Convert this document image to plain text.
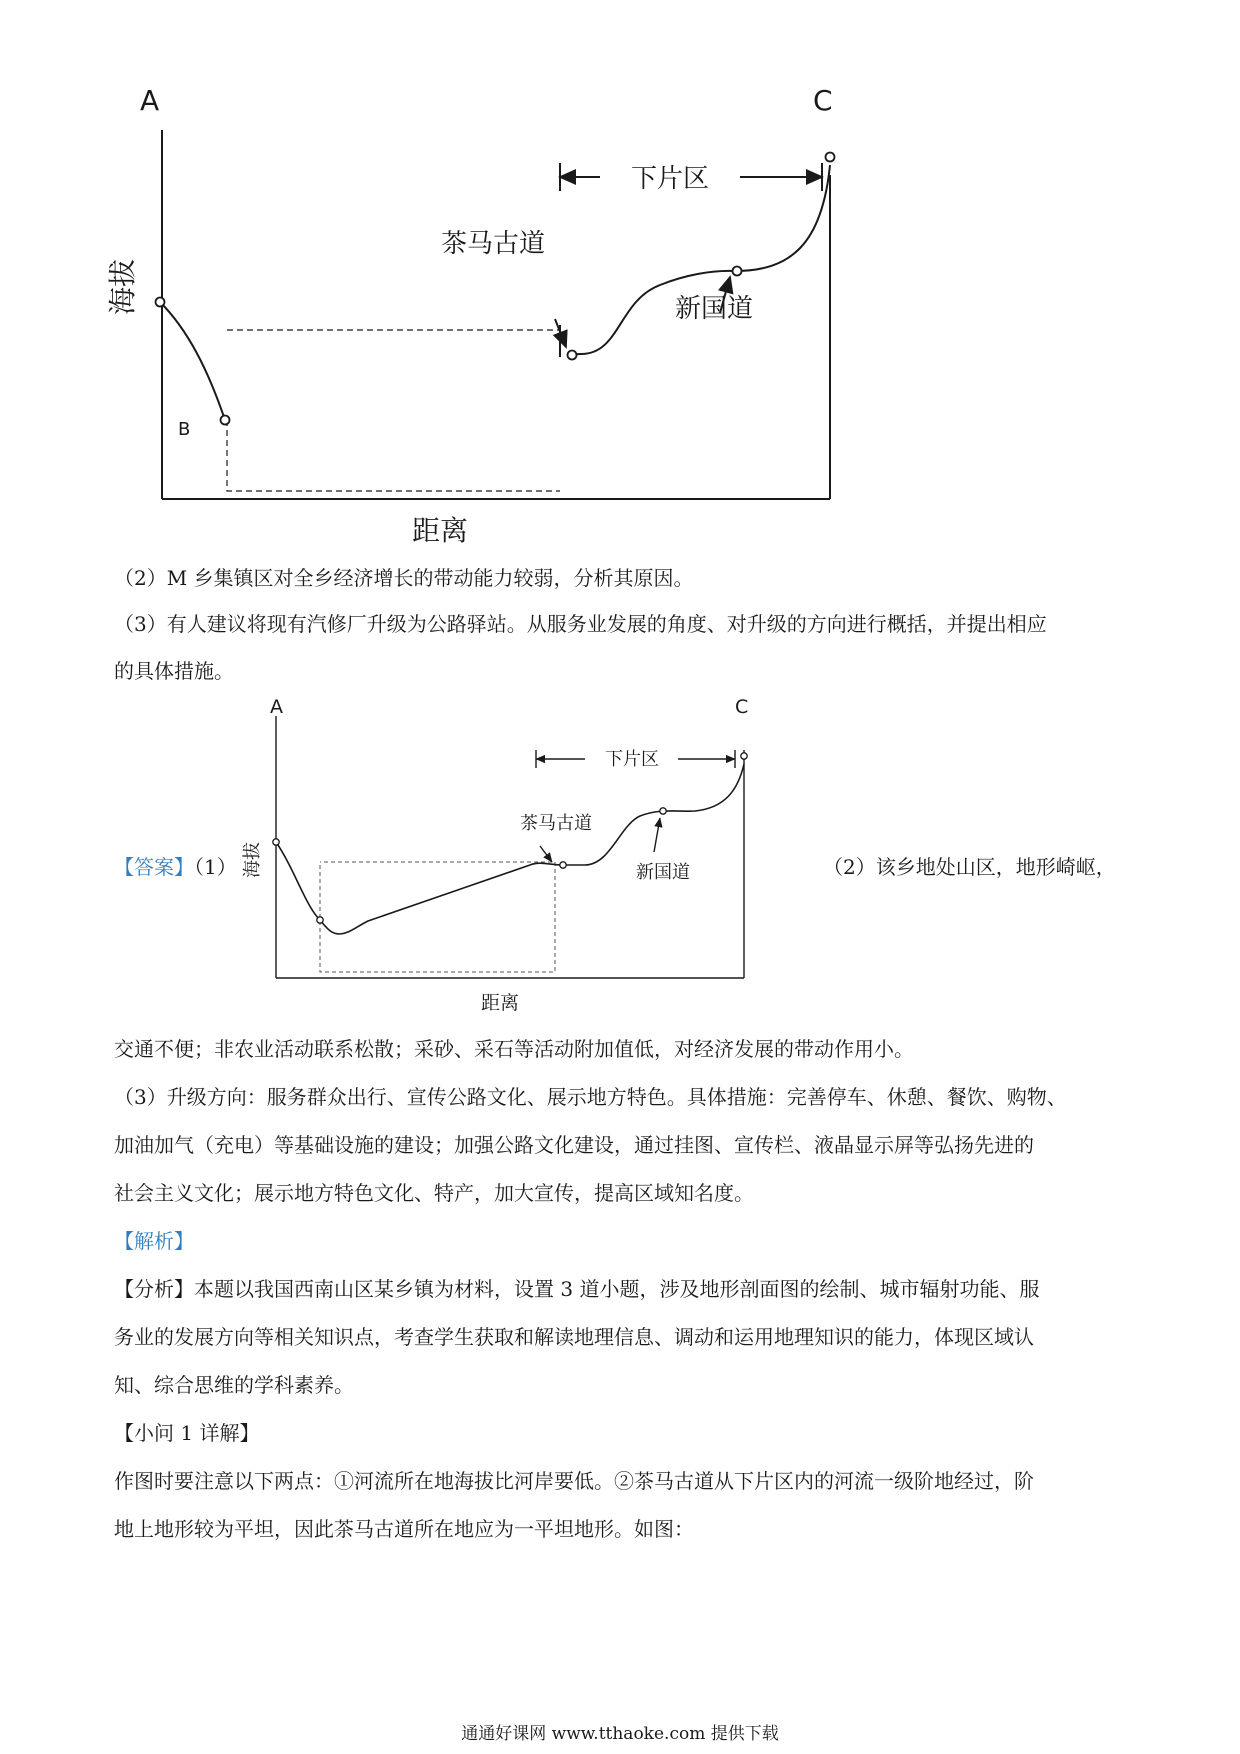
A	C
B
海拔
距离
下片区
茶马古道
新国道
（2）M 乡集镇区对全乡经济增长的带动能力较弱，分析其原因。
（3）有人建议将现有汽修厂升级为公路驿站。从服务业发展的角度、对升级的方向进行概括，并提出相应
的具体措施。
【答案】（1）
A	C
海拔
距离
下片区
茶马古道
新国道	（2）该乡地处山区，地形崎岖，
交通不便；非农业活动联系松散；采砂、采石等活动附加值低，对经济发展的带动作用小。
（3）升级方向：服务群众出行、宣传公路文化、展示地方特色。具体措施：完善停车、休憩、餐饮、购物、
加油加气（充电）等基础设施的建设；加强公路文化建设，通过挂图、宣传栏、液晶显示屏等弘扬先进的
社会主义文化；展示地方特色文化、特产，加大宣传，提高区域知名度。
【解析】
【分析】本题以我国西南山区某乡镇为材料，设置 3 道小题，涉及地形剖面图的绘制、城市辐射功能、服
务业的发展方向等相关知识点，考查学生获取和解读地理信息、调动和运用地理知识的能力，体现区域认
知、综合思维的学科素养。
【小问 1 详解】
作图时要注意以下两点：①河流所在地海拔比河岸要低。②茶马古道从下片区内的河流一级阶地经过，阶
地上地形较为平坦，因此茶马古道所在地应为一平坦地形。如图：
通通好课网 www.tthaoke.com 提供下载
